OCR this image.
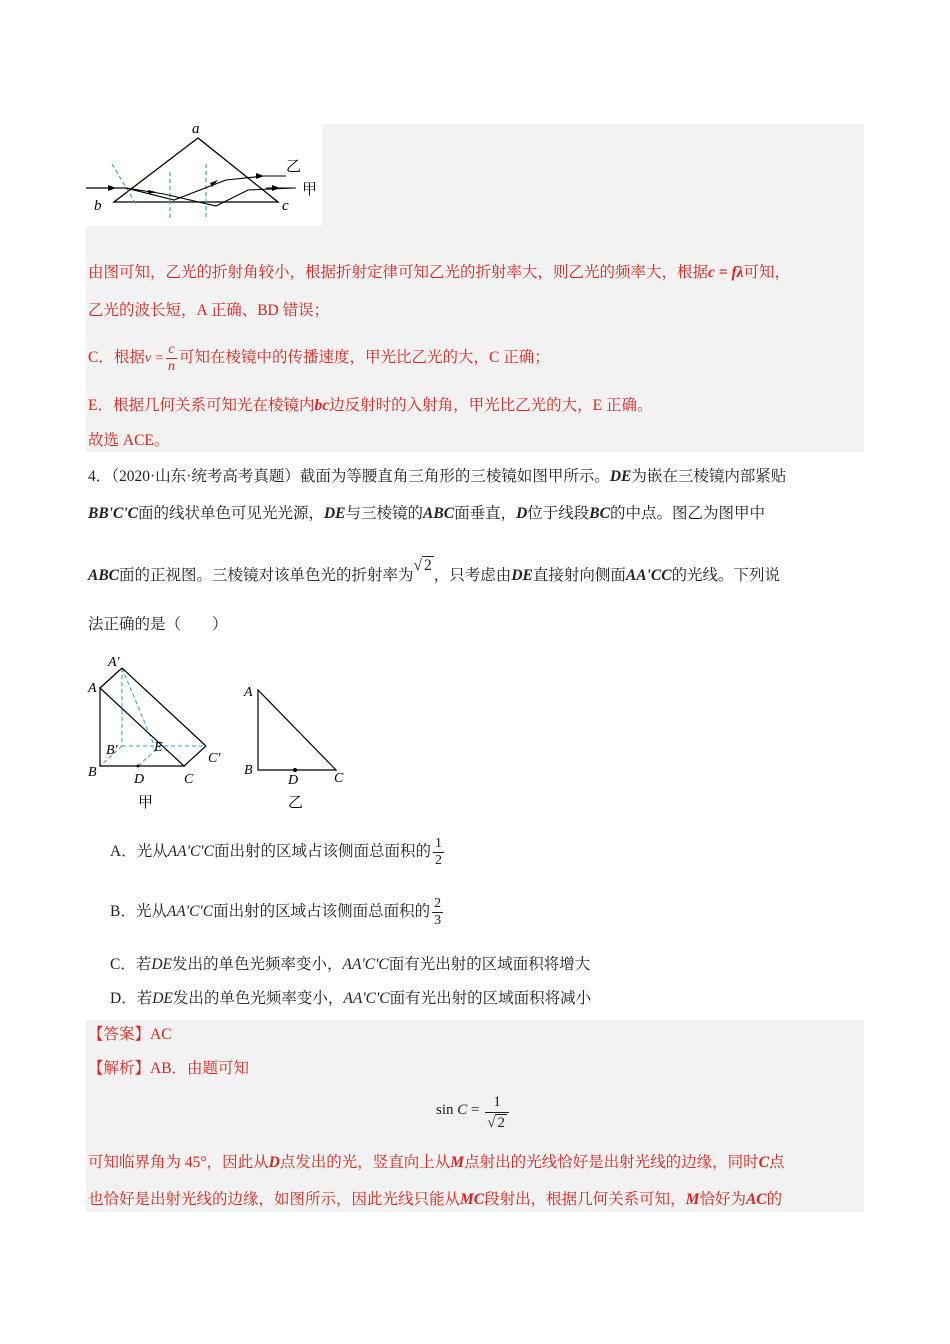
a
乙
甲
b	c
由图可知，乙光的折射角较小，根据折射定律可知乙光的折射率大，则乙光的频率大，根据c = fλ可知，
乙光的波长短，A 正确、BD 错误；
C．根据$v = \frac{c}{n}$ 可知在棱镜中的传播速度，甲光比乙光的大，C 正确；
E．根据几何关系可知光在棱镜内bc边反射时的入射角，甲光比乙光的大，E 正确。
故选 ACE。
4．（2020·山东·统考高考真题）截面为等腰直角三角形的三棱镜如图甲所示。DE为嵌在三棱镜内部紧贴
BB'C'C面的线状单色可见光光源，DE与三棱镜的ABC面垂直，D位于线段BC的中点。图乙为图甲中
ABC面的正视图。三棱镜对该单色光的折射率为√ 2，只考虑由DE直接射向侧面AA'CC的光线。下列说
法正确的是（　　）
A′
A
B′	E
C′
B	D	C
甲
A
B
D	C
乙
A．光从AA'C'C面出射的区域占该侧面总面积的 $\frac{1}{2}$
B．光从AA'C'C面出射的区域占该侧面总面积的 $\frac{2}{3}$
C．若DE发出的单色光频率变小，AA'C'C面有光出射的区域面积将增大
D．若DE发出的单色光频率变小，AA'C'C面有光出射的区域面积将减小
【答案】AC
【解析】AB．由题可知
$\sin C = \frac{1}{√ 2}$
可知临界角为 45°，因此从D点发出的光，竖直向上从M点射出的光线恰好是出射光线的边缘，同时C点
也恰好是出射光线的边缘，如图所示，因此光线只能从MC段射出，根据几何关系可知，M恰好为AC的
